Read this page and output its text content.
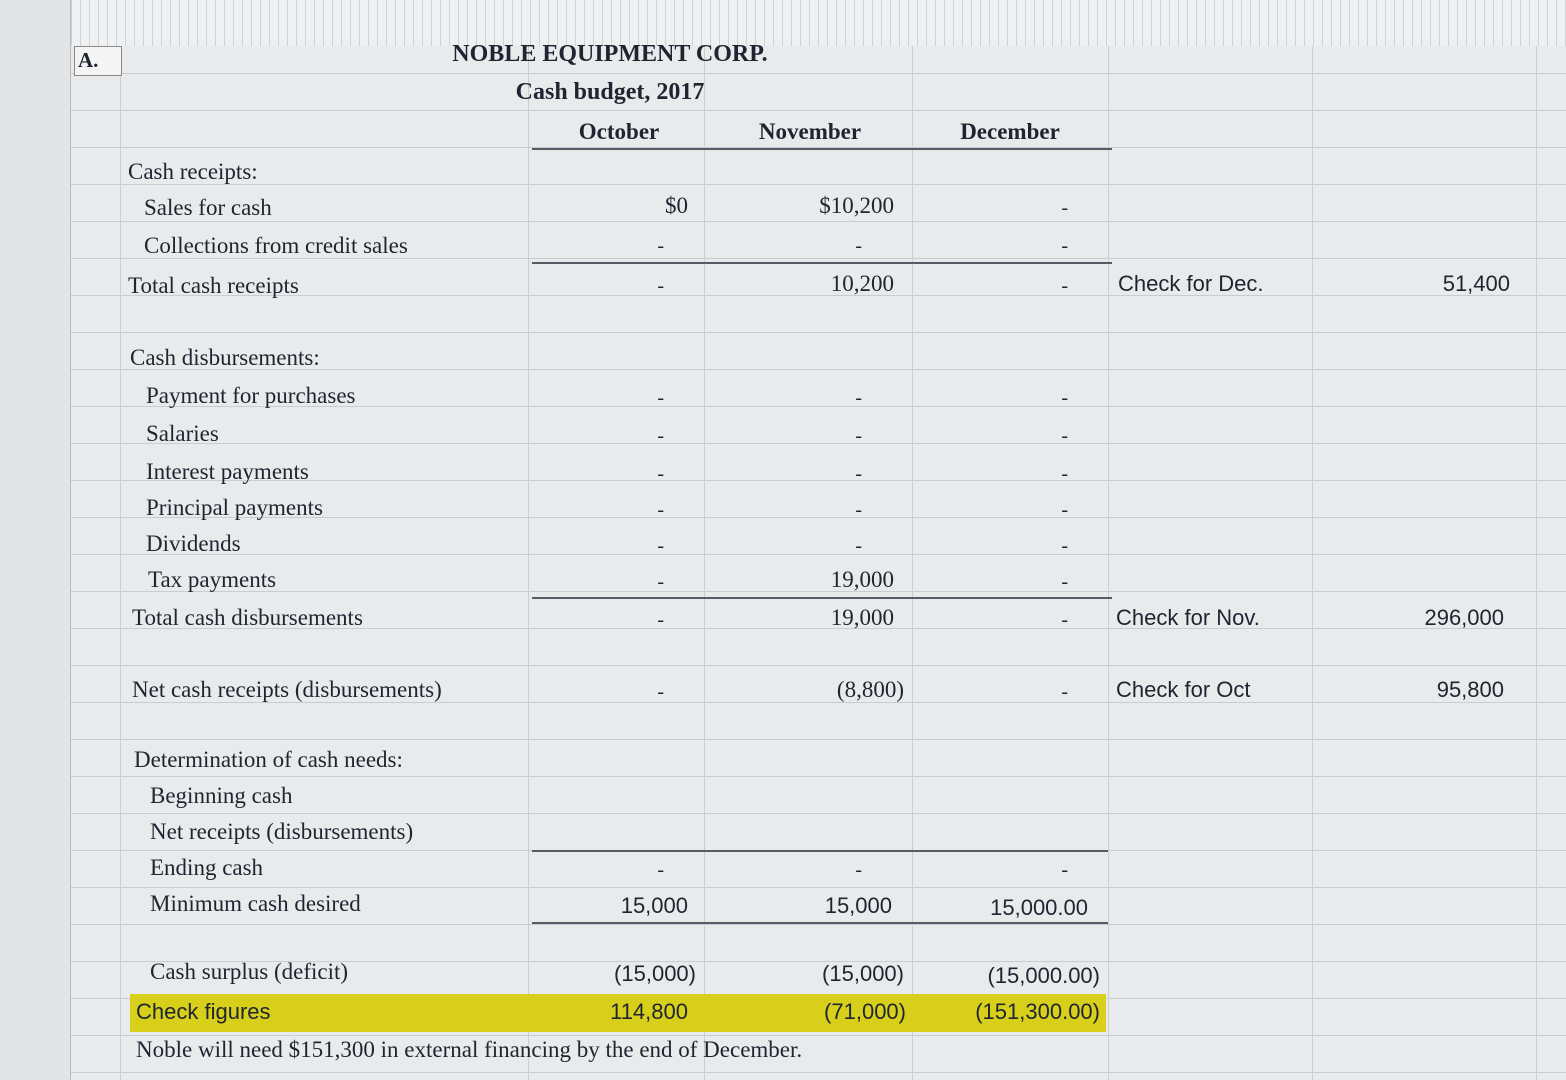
A.	NOBLE EQUIPMENT CORP.
Cash budget, 2017
October	November	December
Cash receipts:
Sales for cash	$0	$10,200	-
Collections from credit sales	-	-	-
Total cash receipts	-	10,200	- Check for Dec.	51,400
Cash disbursements:
Payment for purchases	-	-	-
Salaries	-	-	-
Interest payments	-	-	-
Principal payments	-	-	-
Dividends	-	-	-
Tax payments	-	19,000	-
Total cash disbursements	-	19,000	- Check for Nov.	296,000
Net cash receipts (disbursements)	-	(8,800)	- Check for Oct	95,800
Determination of cash needs:
Beginning cash
Net receipts (disbursements)
Ending cash	-	-	-
Minimum cash desired	15,000	15,000	15,000.00
Cash surplus (deficit)	(15,000)	(15,000)	(15,000.00)
Check figures	114,800	(71,000)	(151,300.00)
Noble will need $151,300 in external financing by the end of December.
